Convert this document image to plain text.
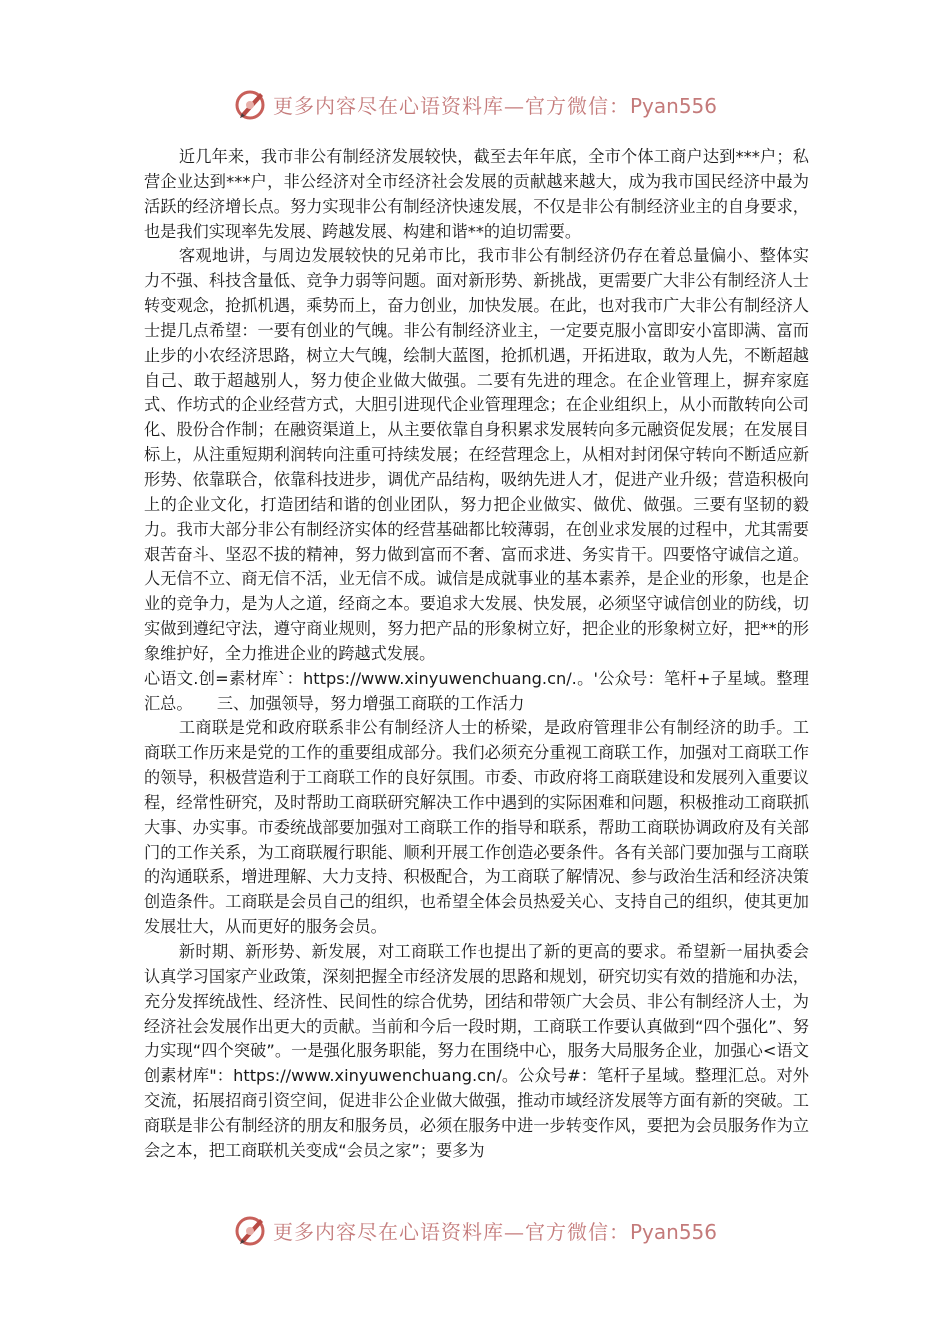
更多内容尽在心语资料库—官方微信：Pyan556

近几年来，我市非公有制经济发展较快，截至去年年底，全市个体工商户达到***户；私营企业达到***户，非公经济对全市经济社会发展的贡献越来越大，成为我市国民经济中最为活跃的经济增长点。努力实现非公有制经济快速发展，不仅是非公有制经济业主的自身要求，也是我们实现率先发展、跨越发展、构建和谐**的迫切需要。

客观地讲，与周边发展较快的兄弟市比，我市非公有制经济仍存在着总量偏小、整体实力不强、科技含量低、竞争力弱等问题。面对新形势、新挑战，更需要广大非公有制经济人士转变观念，抢抓机遇，乘势而上，奋力创业，加快发展。在此，也对我市广大非公有制经济人士提几点希望：一要有创业的气魄。非公有制经济业主，一定要克服小富即安小富即满、富而止步的小农经济思路，树立大气魄，绘制大蓝图，抢抓机遇，开拓进取，敢为人先，不断超越自己、敢于超越别人，努力使企业做大做强。二要有先进的理念。在企业管理上，摒弃家庭式、作坊式的企业经营方式，大胆引进现代企业管理理念；在企业组织上，从小而散转向公司化、股份合作制；在融资渠道上，从主要依靠自身积累求发展转向多元融资促发展；在发展目标上，从注重短期利润转向注重可持续发展；在经营理念上，从相对封闭保守转向不断适应新形势、依靠联合，依靠科技进步，调优产品结构，吸纳先进人才，促进产业升级；营造积极向上的企业文化，打造团结和谐的创业团队，努力把企业做实、做优、做强。三要有坚韧的毅力。我市大部分非公有制经济实体的经营基础都比较薄弱，在创业求发展的过程中，尤其需要艰苦奋斗、坚忍不拔的精神，努力做到富而不奢、富而求进、务实肯干。四要恪守诚信之道。人无信不立、商无信不活，业无信不成。诚信是成就事业的基本素养，是企业的形象，也是企业的竞争力，是为人之道，经商之本。要追求大发展、快发展，必须坚守诚信创业的防线，切实做到遵纪守法，遵守商业规则，努力把产品的形象树立好，把企业的形象树立好，把**的形象维护好，全力推进企业的跨越式发展。

心语文.创=素材库`：https://www.xinyuwenchuang.cn/.。'公众号：笔杆+子星域。整理汇总。　　三、加强领导，努力增强工商联的工作活力

工商联是党和政府联系非公有制经济人士的桥梁，是政府管理非公有制经济的助手。工商联工作历来是党的工作的重要组成部分。我们必须充分重视工商联工作，加强对工商联工作的领导，积极营造利于工商联工作的良好氛围。市委、市政府将工商联建设和发展列入重要议程，经常性研究，及时帮助工商联研究解决工作中遇到的实际困难和问题，积极推动工商联抓大事、办实事。市委统战部要加强对工商联工作的指导和联系，帮助工商联协调政府及有关部门的工作关系，为工商联履行职能、顺利开展工作创造必要条件。各有关部门要加强与工商联的沟通联系，增进理解、大力支持、积极配合，为工商联了解情况、参与政治生活和经济决策创造条件。工商联是会员自己的组织，也希望全体会员热爱关心、支持自己的组织，使其更加发展壮大，从而更好的服务会员。

新时期、新形势、新发展，对工商联工作也提出了新的更高的要求。希望新一届执委会认真学习国家产业政策，深刻把握全市经济发展的思路和规划，研究切实有效的措施和办法，充分发挥统战性、经济性、民间性的综合优势，团结和带领广大会员、非公有制经济人士，为经济社会发展作出更大的贡献。当前和今后一段时期，工商联工作要认真做到“四个强化”、努力实现“四个突破”。一是强化服务职能，努力在围绕中心，服务大局服务企业，加强心<语文创素材库"：https://www.xinyuwenchuang.cn/。公众号#：笔杆子星域。整理汇总。对外交流，拓展招商引资空间，促进非公企业做大做强，推动市域经济发展等方面有新的突破。工商联是非公有制经济的朋友和服务员，必须在服务中进一步转变作风，要把为会员服务作为立会之本，把工商联机关变成“会员之家”；要多为

更多内容尽在心语资料库—官方微信：Pyan556
